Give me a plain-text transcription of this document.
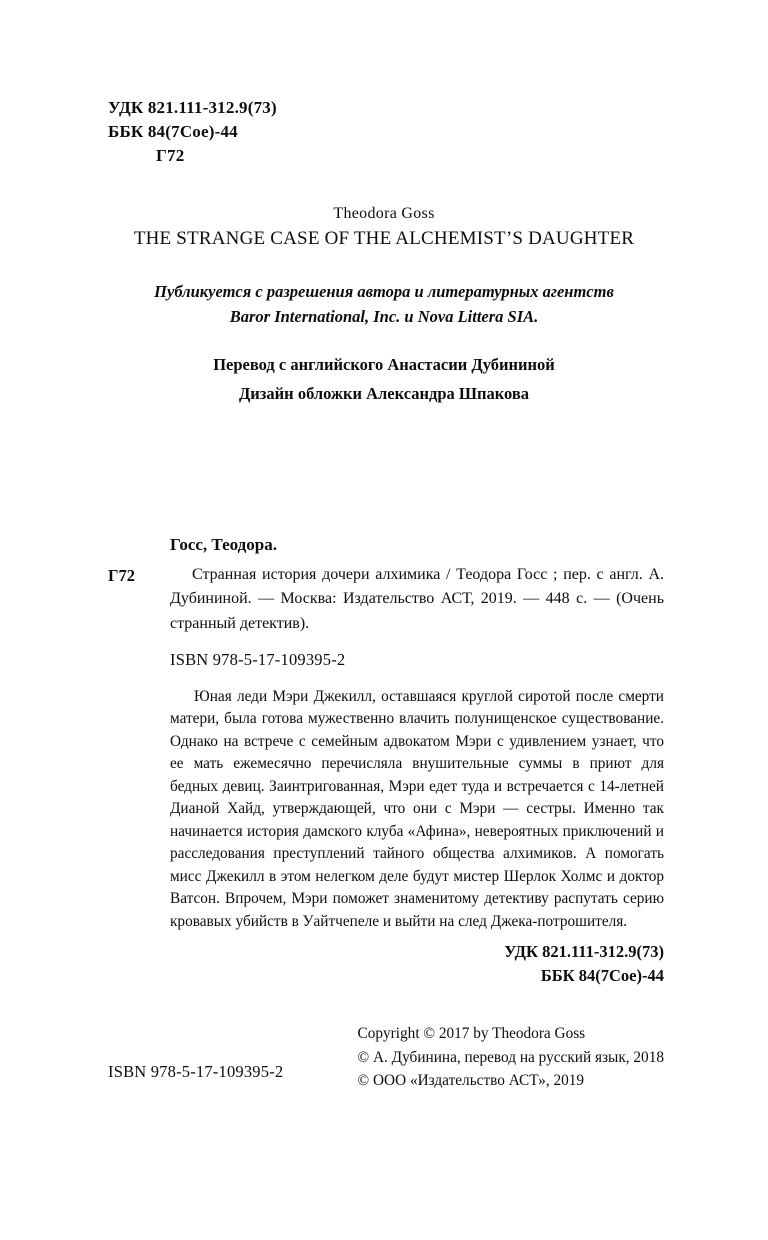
УДК 821.111-312.9(73)
ББК 84(7Сое)-44
Г72
Theodora Goss
THE STRANGE CASE OF THE ALCHEMIST’S DAUGHTER
Публикуется с разрешения автора и литературных агентств
Baror International, Inc. и Nova Littera SIA.
Перевод с английского Анастасии Дубининой
Дизайн обложки Александра Шпакова
Госс, Теодора.
Г72	Странная история дочери алхимика / Теодора Госс ; пер. с англ. А. Дубининой. — Москва: Издательство АСТ, 2019. — 448 с. — (Очень странный детектив).
ISBN 978-5-17-109395-2
Юная леди Мэри Джекилл, оставшаяся круглой сиротой после смерти матери, была готова мужественно влачить полунищенское существование. Однако на встрече с семейным адвокатом Мэри с удивлением узнает, что ее мать ежемесячно перечисляла внушительные суммы в приют для бедных девиц. Заинтригованная, Мэри едет туда и встречается с 14-летней Дианой Хайд, утверждающей, что они с Мэри — сестры. Именно так начинается история дамского клуба «Афина», невероятных приключений и расследования преступлений тайного общества алхимиков. А помогать мисс Джекилл в этом нелегком деле будут мистер Шерлок Холмс и доктор Ватсон. Впрочем, Мэри поможет знаменитому детективу распутать серию кровавых убийств в Уайтчепеле и выйти на след Джека-потрошителя.
УДК 821.111-312.9(73)
ББК 84(7Сое)-44
Copyright © 2017 by Theodora Goss
© А. Дубинина, перевод на русский язык, 2018
© ООО «Издательство АСТ», 2019
ISBN 978-5-17-109395-2
